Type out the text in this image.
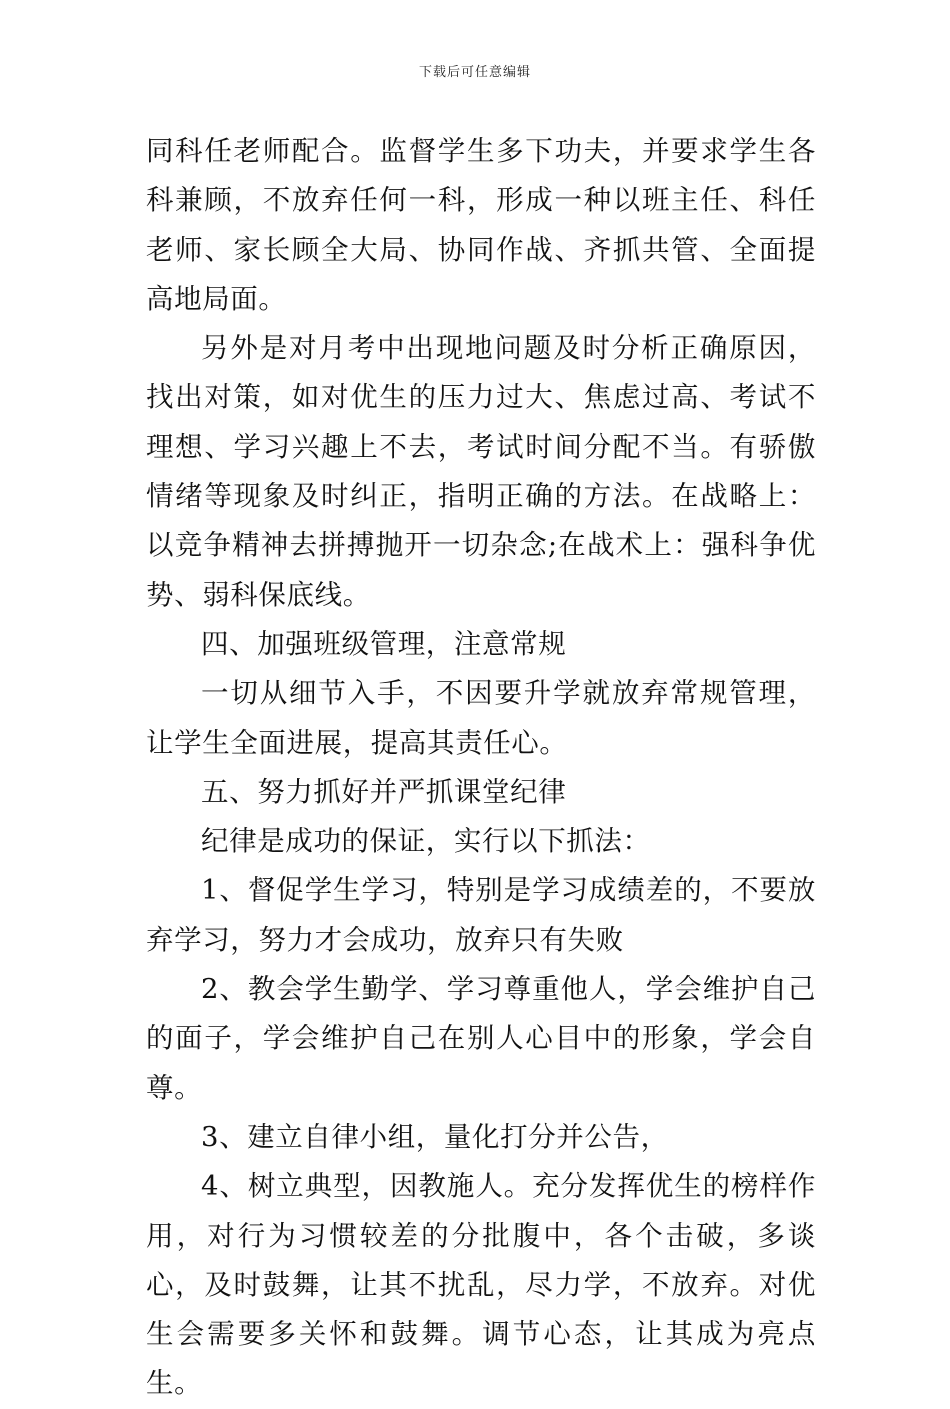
下载后可任意编辑

同科任老师配合。监督学生多下功夫，并要求学生各科兼顾，不放弃任何一科，形成一种以班主任、科任老师、家长顾全大局、协同作战、齐抓共管、全面提高地局面。

另外是对月考中出现地问题及时分析正确原因，找出对策，如对优生的压力过大、焦虑过高、考试不理想、学习兴趣上不去，考试时间分配不当。有骄傲情绪等现象及时纠正，指明正确的方法。在战略上：以竞争精神去拼搏抛开一切杂念;在战术上：强科争优势、弱科保底线。

四、加强班级管理，注意常规

一切从细节入手，不因要升学就放弃常规管理，让学生全面进展，提高其责任心。

五、努力抓好并严抓课堂纪律

纪律是成功的保证，实行以下抓法：

1、督促学生学习，特别是学习成绩差的，不要放弃学习，努力才会成功，放弃只有失败

2、教会学生勤学、学习尊重他人，学会维护自己的面子，学会维护自己在别人心目中的形象，学会自尊。

3、建立自律小组，量化打分并公告，

4、树立典型，因教施人。充分发挥优生的榜样作用，对行为习惯较差的分批腹中，各个击破，多谈心，及时鼓舞，让其不扰乱，尽力学，不放弃。对优生会需要多关怀和鼓舞。调节心态，让其成为亮点生。
